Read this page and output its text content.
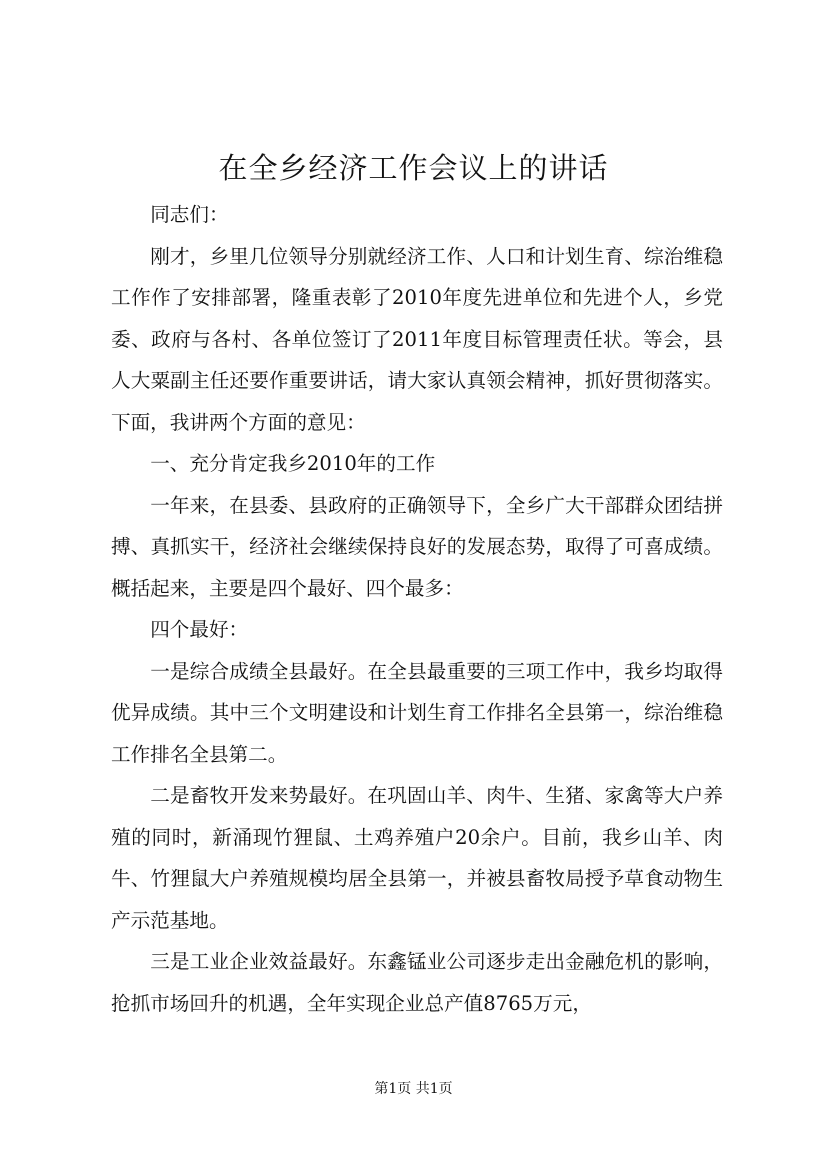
在全乡经济工作会议上的讲话

同志们：

刚才，乡里几位领导分别就经济工作、人口和计划生育、综治维稳工作作了安排部署，隆重表彰了2010年度先进单位和先进个人，乡党委、政府与各村、各单位签订了2011年度目标管理责任状。等会，县人大粟副主任还要作重要讲话，请大家认真领会精神，抓好贯彻落实。下面，我讲两个方面的意见：

一、充分肯定我乡2010年的工作

一年来，在县委、县政府的正确领导下，全乡广大干部群众团结拼搏、真抓实干，经济社会继续保持良好的发展态势，取得了可喜成绩。概括起来，主要是四个最好、四个最多：

四个最好：

一是综合成绩全县最好。在全县最重要的三项工作中，我乡均取得优异成绩。其中三个文明建设和计划生育工作排名全县第一，综治维稳工作排名全县第二。

二是畜牧开发来势最好。在巩固山羊、肉牛、生猪、家禽等大户养殖的同时，新涌现竹狸鼠、土鸡养殖户20余户。目前，我乡山羊、肉牛、竹狸鼠大户养殖规模均居全县第一，并被县畜牧局授予草食动物生产示范基地。

三是工业企业效益最好。东鑫锰业公司逐步走出金融危机的影响，抢抓市场回升的机遇，全年实现企业总产值8765万元，

第1页 共1页
